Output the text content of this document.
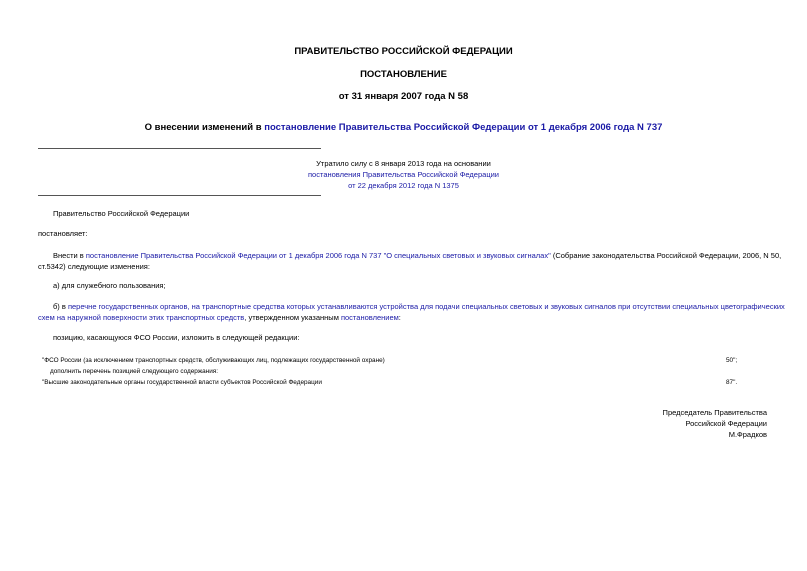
ПРАВИТЕЛЬСТВО РОССИЙСКОЙ ФЕДЕРАЦИИ
ПОСТАНОВЛЕНИЕ
от 31 января 2007 года N 58
О внесении изменений в постановление Правительства Российской Федерации от 1 декабря 2006 года N 737
Утратило силу с 8 января 2013 года на основании
постановления Правительства Российской Федерации
от 22 декабря 2012 года N 1375
Правительство Российской Федерации
постановляет:
Внести в постановление Правительства Российской Федерации от 1 декабря 2006 года N 737 "О специальных световых и звуковых сигналах" (Собрание законодательства Российской Федерации, 2006, N 50,
ст.5342) следующие изменения:
а) для служебного пользования;
б) в перечне государственных органов, на транспортные средства которых устанавливаются устройства для подачи специальных световых и звуковых сигналов при отсутствии специальных цветографических
схем на наружной поверхности этих транспортных средств, утвержденном указанным постановлением:
позицию, касающуюся ФСО России, изложить в следующей редакции:
"ФСО России (за исключением транспортных средств, обслуживающих лиц, подлежащих государственной охране)	50";
дополнить перечень позицией следующего содержания:
"Высшие законодательные органы государственной власти субъектов Российской Федерации	87".
Председатель Правительства
Российской Федерации
М.Фрадков
